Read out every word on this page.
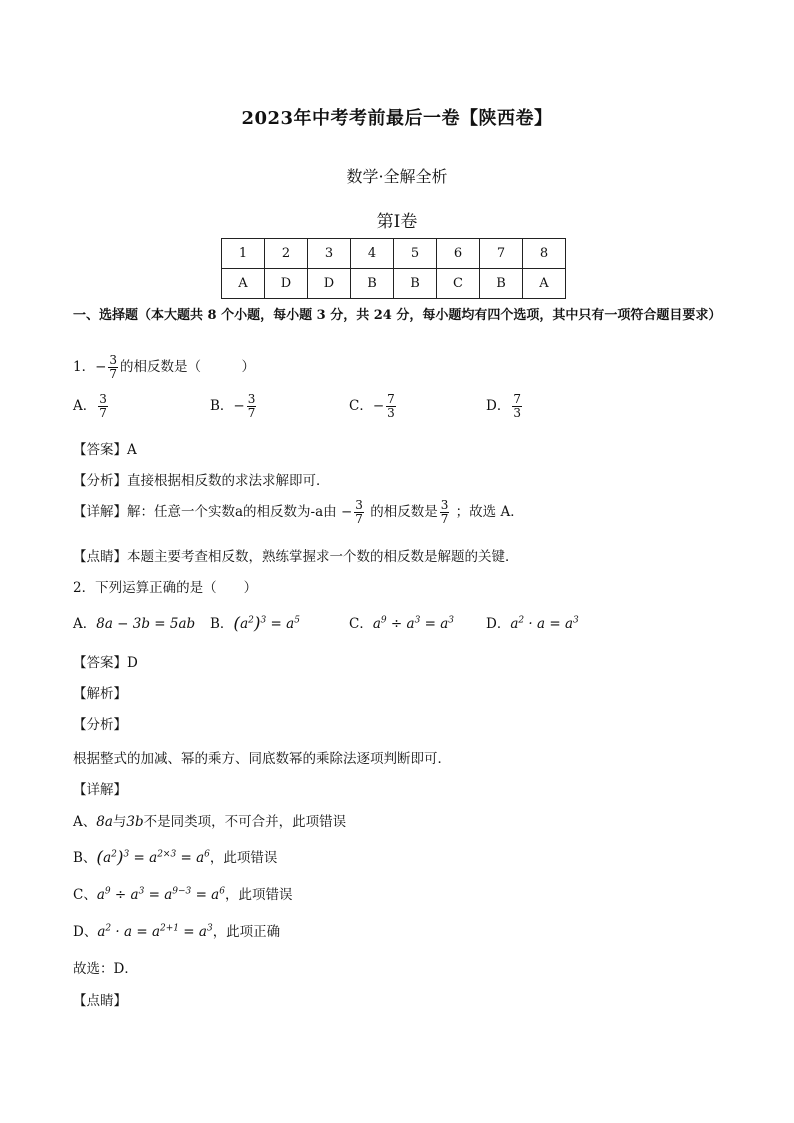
2023年中考考前最后一卷【陕西卷】
数学·全解全析
第Ⅰ卷
1	2	3	4	5	6	7	8
A	D	D	B	B	C	B	A
一、选择题（本大题共 8 个小题，每小题 3 分，共 24 分，每小题均有四个选项，其中只有一项符合题目要求）
1．− $\frac{3}{7}$ 的相反数是（　　　）
A． $\frac{3}{7}$	B．− $\frac{3}{7}$	C．− $\frac{7}{3}$	D． $\frac{7}{3}$
【答案】A
【分析】直接根据相反数的求法求解即可．
【详解】解：任意一个实数a的相反数为-a由 − $\frac{3}{7}$ 的相反数是 $\frac{3}{7}$ ；故选 A．
【点睛】本题主要考查相反数，熟练掌握求一个数的相反数是解题的关键．
2．下列运算正确的是（　　）
A．8a − 3b = 5ab B．$(a^2)^3 = a^5$	C．$a^9 \div a^3 = a^3$ D．$a^2 \cdot a = a^3$
【答案】D
【解析】
【分析】
根据整式的加减、幂的乘方、同底数幂的乘除法逐项判断即可．
【详解】
A、8a与3b不是同类项，不可合并，此项错误
B、$(a^2)^3 = a^{2\times 3} = a^6$，此项错误
C、$a^9 \div a^3 = a^{9-3} = a^6$，此项错误
D、$a^2 \cdot a = a^{2+1} = a^3$，此项正确
故选：D．
【点睛】
